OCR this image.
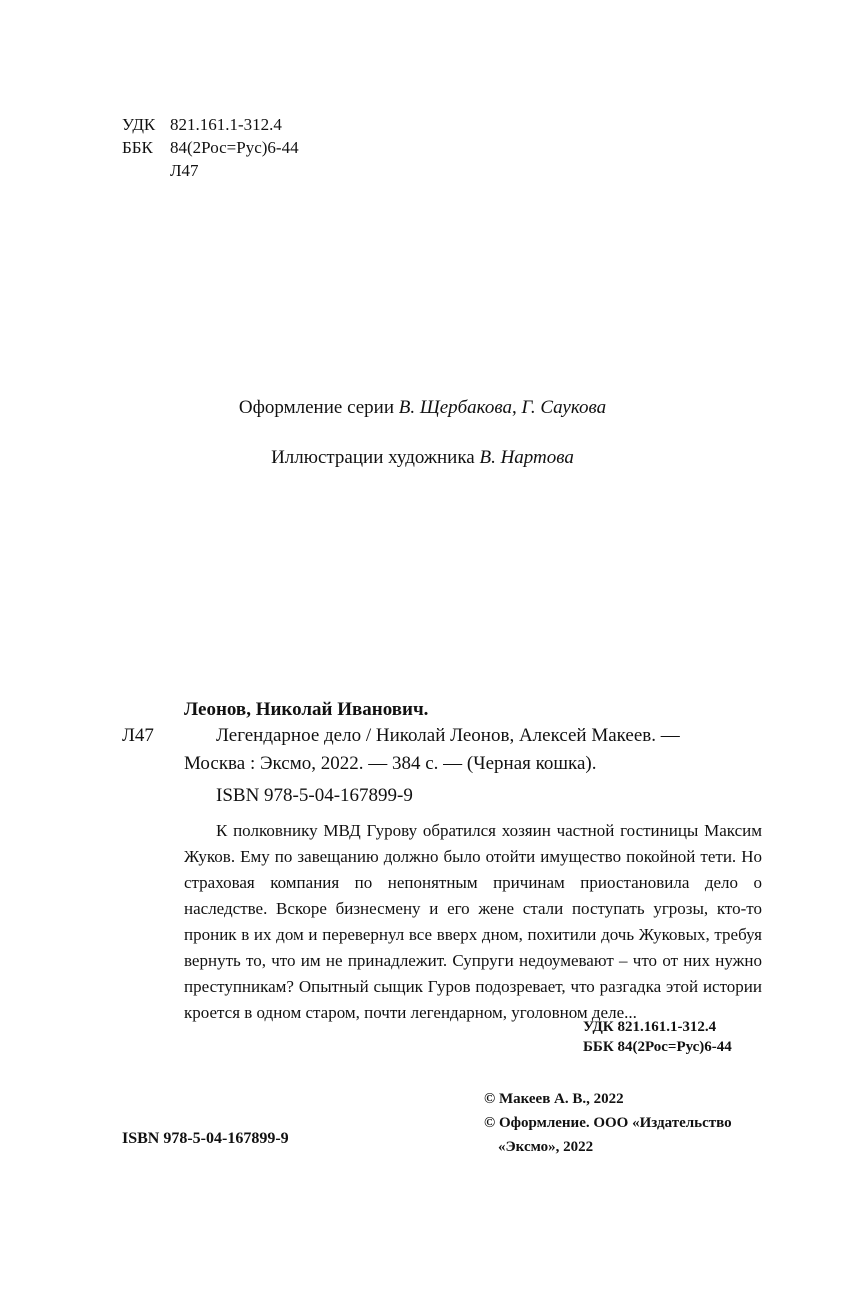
УДК 821.161.1-312.4
ББК	84(2Рос=Рус)6-44
Л47
Оформление серии В. Щербакова, Г. Саукова
Иллюстрации художника В. Нартова
Леонов, Николай Иванович.
Л47	Легендарное дело / Николай Леонов, Алексей Макеев. —
Москва : Эксмо, 2022. — 384 с. — (Черная кошка).
ISBN 978-5-04-167899-9
К полковнику МВД Гурову обратился хозяин частной гостиницы Максим Жуков. Ему по завещанию должно было отойти имущество покойной тети. Но страховая компания по непонятным причинам приостановила дело о наследстве. Вскоре бизнесмену и его жене стали поступать угрозы, кто-то проник в их дом и перевернул все вверх дном, похитили дочь Жуковых, требуя вернуть то, что им не принадлежит. Супруги недоумевают – что от них нужно преступникам? Опытный сыщик Гуров подозревает, что разгадка этой истории кроется в одном старом, почти легендарном, уголовном деле...
УДК 821.161.1-312.4
ББК 84(2Рос=Рус)6-44
© Макеев А. В., 2022
© Оформление. ООО «Издательство
«Эксмо», 2022
ISBN 978-5-04-167899-9
